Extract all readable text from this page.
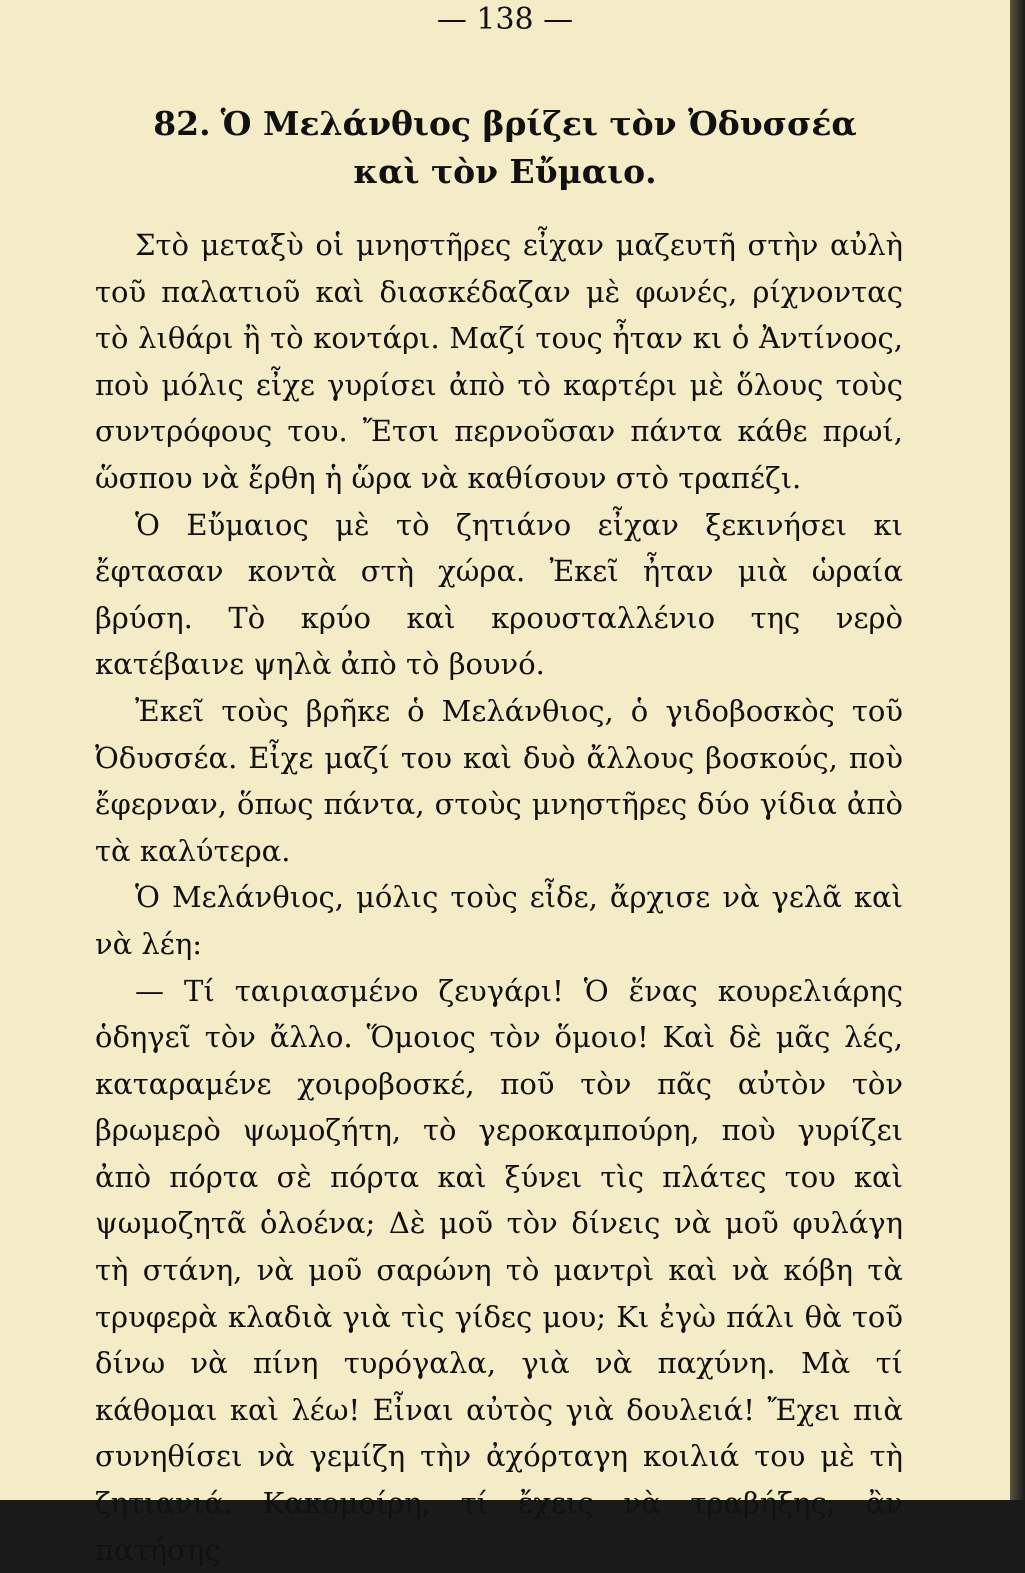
— 138 —
82. Ὁ Μελάνθιος βρίζει τὸν Ὀδυσσέα
καὶ τὸν Εὔμαιο.

Στὸ μεταξὺ οἱ μνηστῆρες εἶχαν μαζευτῆ στὴν αὐλὴ τοῦ παλατιοῦ καὶ διασκέδαζαν μὲ φωνές, ρίχνοντας τὸ λιθάρι ἢ τὸ κοντάρι. Μαζί τους ἦταν κι ὁ Ἀντίνοος, ποὺ μόλις εἶχε γυρίσει ἀπὸ τὸ καρτέρι μὲ ὅλους τοὺς συντρόφους του. Ἔτσι περνοῦσαν πάντα κάθε πρωί, ὥσπου νὰ ἔρθη ἡ ὥρα νὰ καθίσουν στὸ τραπέζι.

Ὁ Εὔμαιος μὲ τὸ ζητιάνο εἶχαν ξεκινήσει κι ἔφτασαν κοντὰ στὴ χώρα. Ἐκεῖ ἦταν μιὰ ὡραία βρύση. Τὸ κρύο καὶ κρουσταλλένιο της νερὸ κατέβαινε ψηλὰ ἀπὸ τὸ βουνό.

Ἐκεῖ τοὺς βρῆκε ὁ Μελάνθιος, ὁ γιδοβοσκὸς τοῦ Ὀδυσσέα. Εἶχε μαζί του καὶ δυὸ ἄλλους βοσκούς, ποὺ ἔφερναν, ὅπως πάντα, στοὺς μνηστῆρες δύο γίδια ἀπὸ τὰ καλύτερα.

Ὁ Μελάνθιος, μόλις τοὺς εἶδε, ἄρχισε νὰ γελᾶ καὶ νὰ λέη:

— Τί ταιριασμένο ζευγάρι! Ὁ ἕνας κουρελιάρης ὁδηγεῖ τὸν ἄλλο. Ὅμοιος τὸν ὅμοιο! Καὶ δὲ μᾶς λές, καταραμένε χοιροβοσκέ, ποῦ τὸν πᾶς αὐτὸν τὸν βρωμερὸ ψωμοζήτη, τὸ γεροκαμπούρη, ποὺ γυρίζει ἀπὸ πόρτα σὲ πόρτα καὶ ξύνει τὶς πλάτες του καὶ ψωμοζητᾶ ὁλοένα; Δὲ μοῦ τὸν δίνεις νὰ μοῦ φυλάγη τὴ στάνη, νὰ μοῦ σαρώνη τὸ μαντρὶ καὶ νὰ κόβη τὰ τρυφερὰ κλαδιὰ γιὰ τὶς γίδες μου; Κι ἐγὼ πάλι θὰ τοῦ δίνω νὰ πίνη τυρόγαλα, γιὰ νὰ παχύνη. Μὰ τί κάθομαι καὶ λέω! Εἶναι αὐτὸς γιὰ δουλειά! Ἔχει πιὰ συνηθίσει νὰ γεμίζη τὴν ἀχόρταγη κοιλιά του μὲ τὴ ζητιανιά. Κακομοίρη, τί ἔχεις νὰ τραβήξης, ἂν πατήσης
